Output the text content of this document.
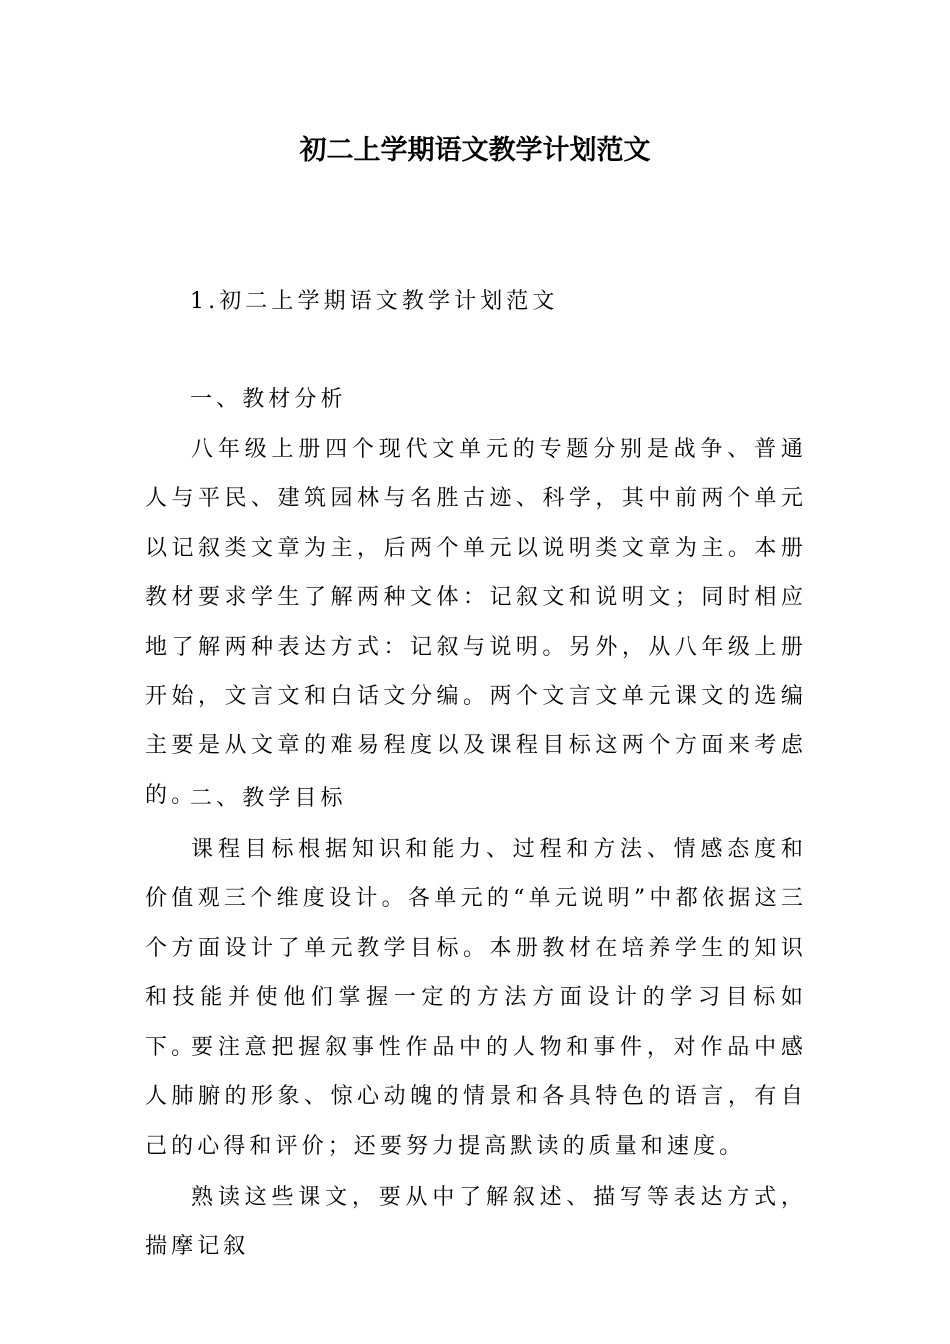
初二上学期语文教学计划范文

1.初二上学期语文教学计划范文

一、教材分析

八年级上册四个现代文单元的专题分别是战争、普通人与平民、建筑园林与名胜古迹、科学，其中前两个单元以记叙类文章为主，后两个单元以说明类文章为主。本册教材要求学生了解两种文体：记叙文和说明文；同时相应地了解两种表达方式：记叙与说明。另外，从八年级上册开始，文言文和白话文分编。两个文言文单元课文的选编主要是从文章的难易程度以及课程目标这两个方面来考虑的。

二、教学目标

课程目标根据知识和能力、过程和方法、情感态度和价值观三个维度设计。各单元的“单元说明”中都依据这三个方面设计了单元教学目标。本册教材在培养学生的知识和技能并使他们掌握一定的方法方面设计的学习目标如下。

要注意把握叙事性作品中的人物和事件，对作品中感人肺腑的形象、惊心动魄的情景和各具特色的语言，有自己的心得和评价；还要努力提高默读的质量和速度。

熟读这些课文，要从中了解叙述、描写等表达方式，揣摩记叙
